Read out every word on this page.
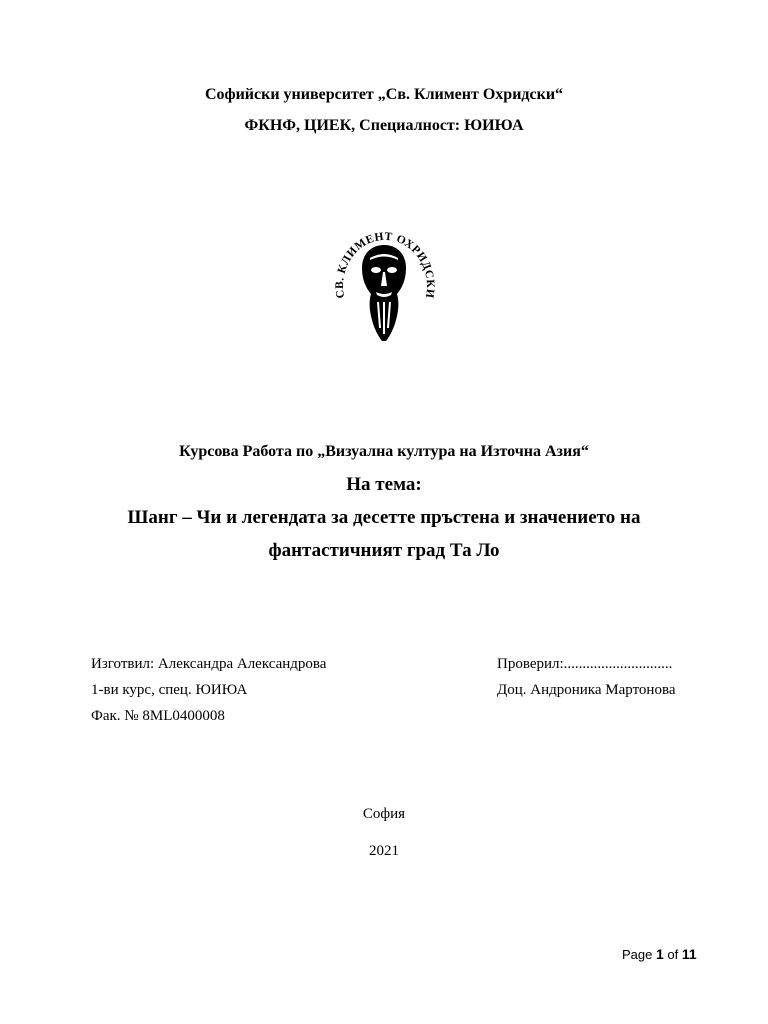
Софийски университет „Св. Климент Охридски“
ФКНФ, ЦИЕК, Специалност: ЮИЮА
СВ. КЛИМЕНТ ОХРИДСКИ
Курсова Работа по „Визуална култура на Източна Азия“
На тема:
Шанг – Чи и легендата за десетте пръстена и значението на
фантастичният град Та Ло
Изготвил: Александра Александрова
1-ви курс, спец. ЮИЮА
Фак. № 8ML0400008
Проверил:.............................
Доц. Андроника Мартонова
София
2021
Page 1 of 11
